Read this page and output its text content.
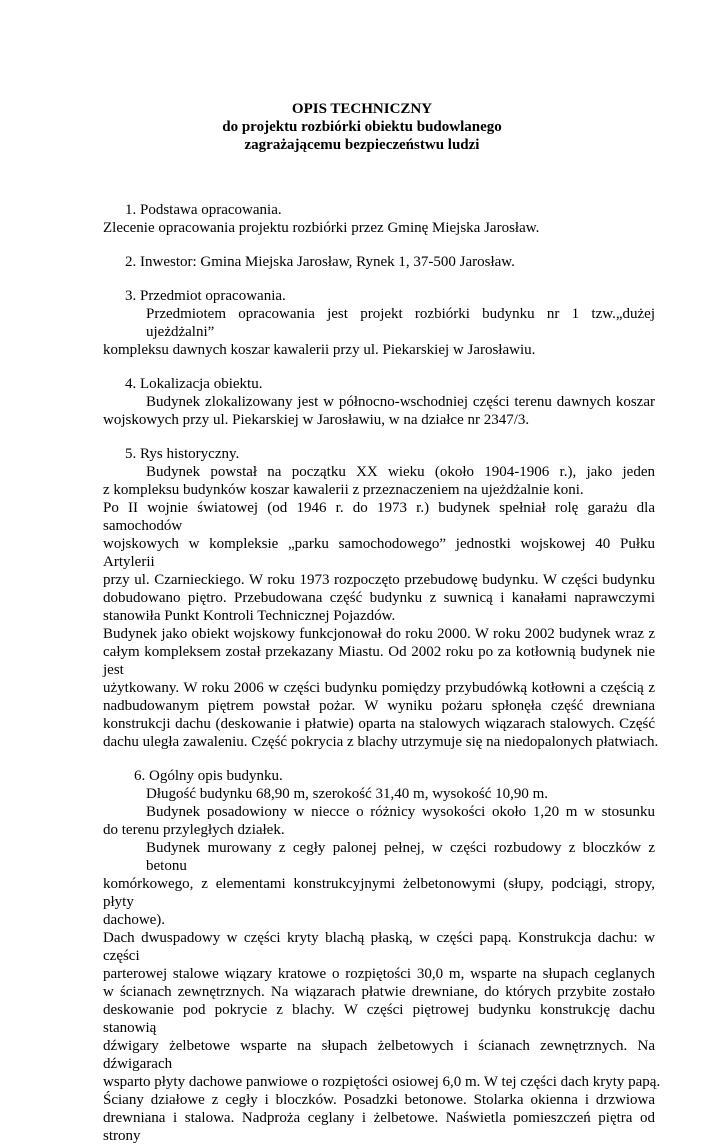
OPIS TECHNICZNY
do projektu rozbiórki obiektu budowlanego
zagrażającemu bezpieczeństwu ludzi
1. Podstawa opracowania.
Zlecenie opracowania projektu rozbiórki przez Gminę Miejska Jarosław.
2. Inwestor: Gmina Miejska Jarosław, Rynek 1, 37-500 Jarosław.
3. Przedmiot opracowania.
Przedmiotem opracowania jest projekt rozbiórki budynku nr 1 tzw.„dużej ujeżdżalni”
kompleksu dawnych koszar kawalerii przy ul. Piekarskiej w Jarosławiu.
4. Lokalizacja obiektu.
Budynek zlokalizowany jest w północno-wschodniej części terenu dawnych koszar
wojskowych przy ul. Piekarskiej w Jarosławiu, w na działce nr 2347/3.
5. Rys historyczny.
Budynek powstał na początku XX wieku (około 1904-1906 r.), jako jeden
z kompleksu budynków koszar kawalerii z przeznaczeniem na ujeżdżalnie koni.
Po II wojnie światowej (od 1946 r. do 1973 r.) budynek spełniał rolę garażu dla samochodów
wojskowych w kompleksie „parku samochodowego” jednostki wojskowej 40 Pułku Artylerii
przy ul. Czarnieckiego. W roku 1973 rozpoczęto przebudowę budynku. W części budynku
dobudowano piętro. Przebudowana część budynku z suwnicą i kanałami naprawczymi
stanowiła Punkt Kontroli Technicznej Pojazdów.
Budynek jako obiekt wojskowy funkcjonował do roku 2000. W roku 2002 budynek wraz z
całym kompleksem został przekazany Miastu. Od 2002 roku po za kotłownią budynek nie jest
użytkowany. W roku 2006 w części budynku pomiędzy przybudówką kotłowni a częścią z
nadbudowanym piętrem powstał pożar. W wyniku pożaru spłonęła część drewniana
konstrukcji dachu (deskowanie i płatwie) oparta na stalowych wiązarach stalowych. Część
dachu uległa zawaleniu. Część pokrycia z blachy utrzymuje się na niedopalonych płatwiach.
6. Ogólny opis budynku.
Długość budynku 68,90 m, szerokość 31,40 m, wysokość 10,90 m.
Budynek posadowiony w niecce o różnicy wysokości około 1,20 m w stosunku
do terenu przyległych działek.
Budynek murowany z cegły palonej pełnej, w części rozbudowy z bloczków z betonu
komórkowego, z elementami konstrukcyjnymi żelbetonowymi (słupy, podciągi, stropy, płyty
dachowe).
Dach dwuspadowy w części kryty blachą płaską, w części papą. Konstrukcja dachu: w części
parterowej stalowe wiązary kratowe o rozpiętości 30,0 m, wsparte na słupach ceglanych
w ścianach zewnętrznych. Na wiązarach płatwie drewniane, do których przybite zostało
deskowanie pod pokrycie z blachy. W części piętrowej budynku konstrukcję dachu stanowią
dźwigary żelbetowe wsparte na słupach żelbetowych i ścianach zewnętrznych. Na dźwigarach
wsparto płyty dachowe panwiowe o rozpiętości osiowej 6,0 m. W tej części dach kryty papą.
Ściany działowe z cegły i bloczków. Posadzki betonowe. Stolarka okienna i drzwiowa
drewniana i stalowa. Nadproża ceglany i żelbetowe. Naświetla pomieszczeń piętra od strony
